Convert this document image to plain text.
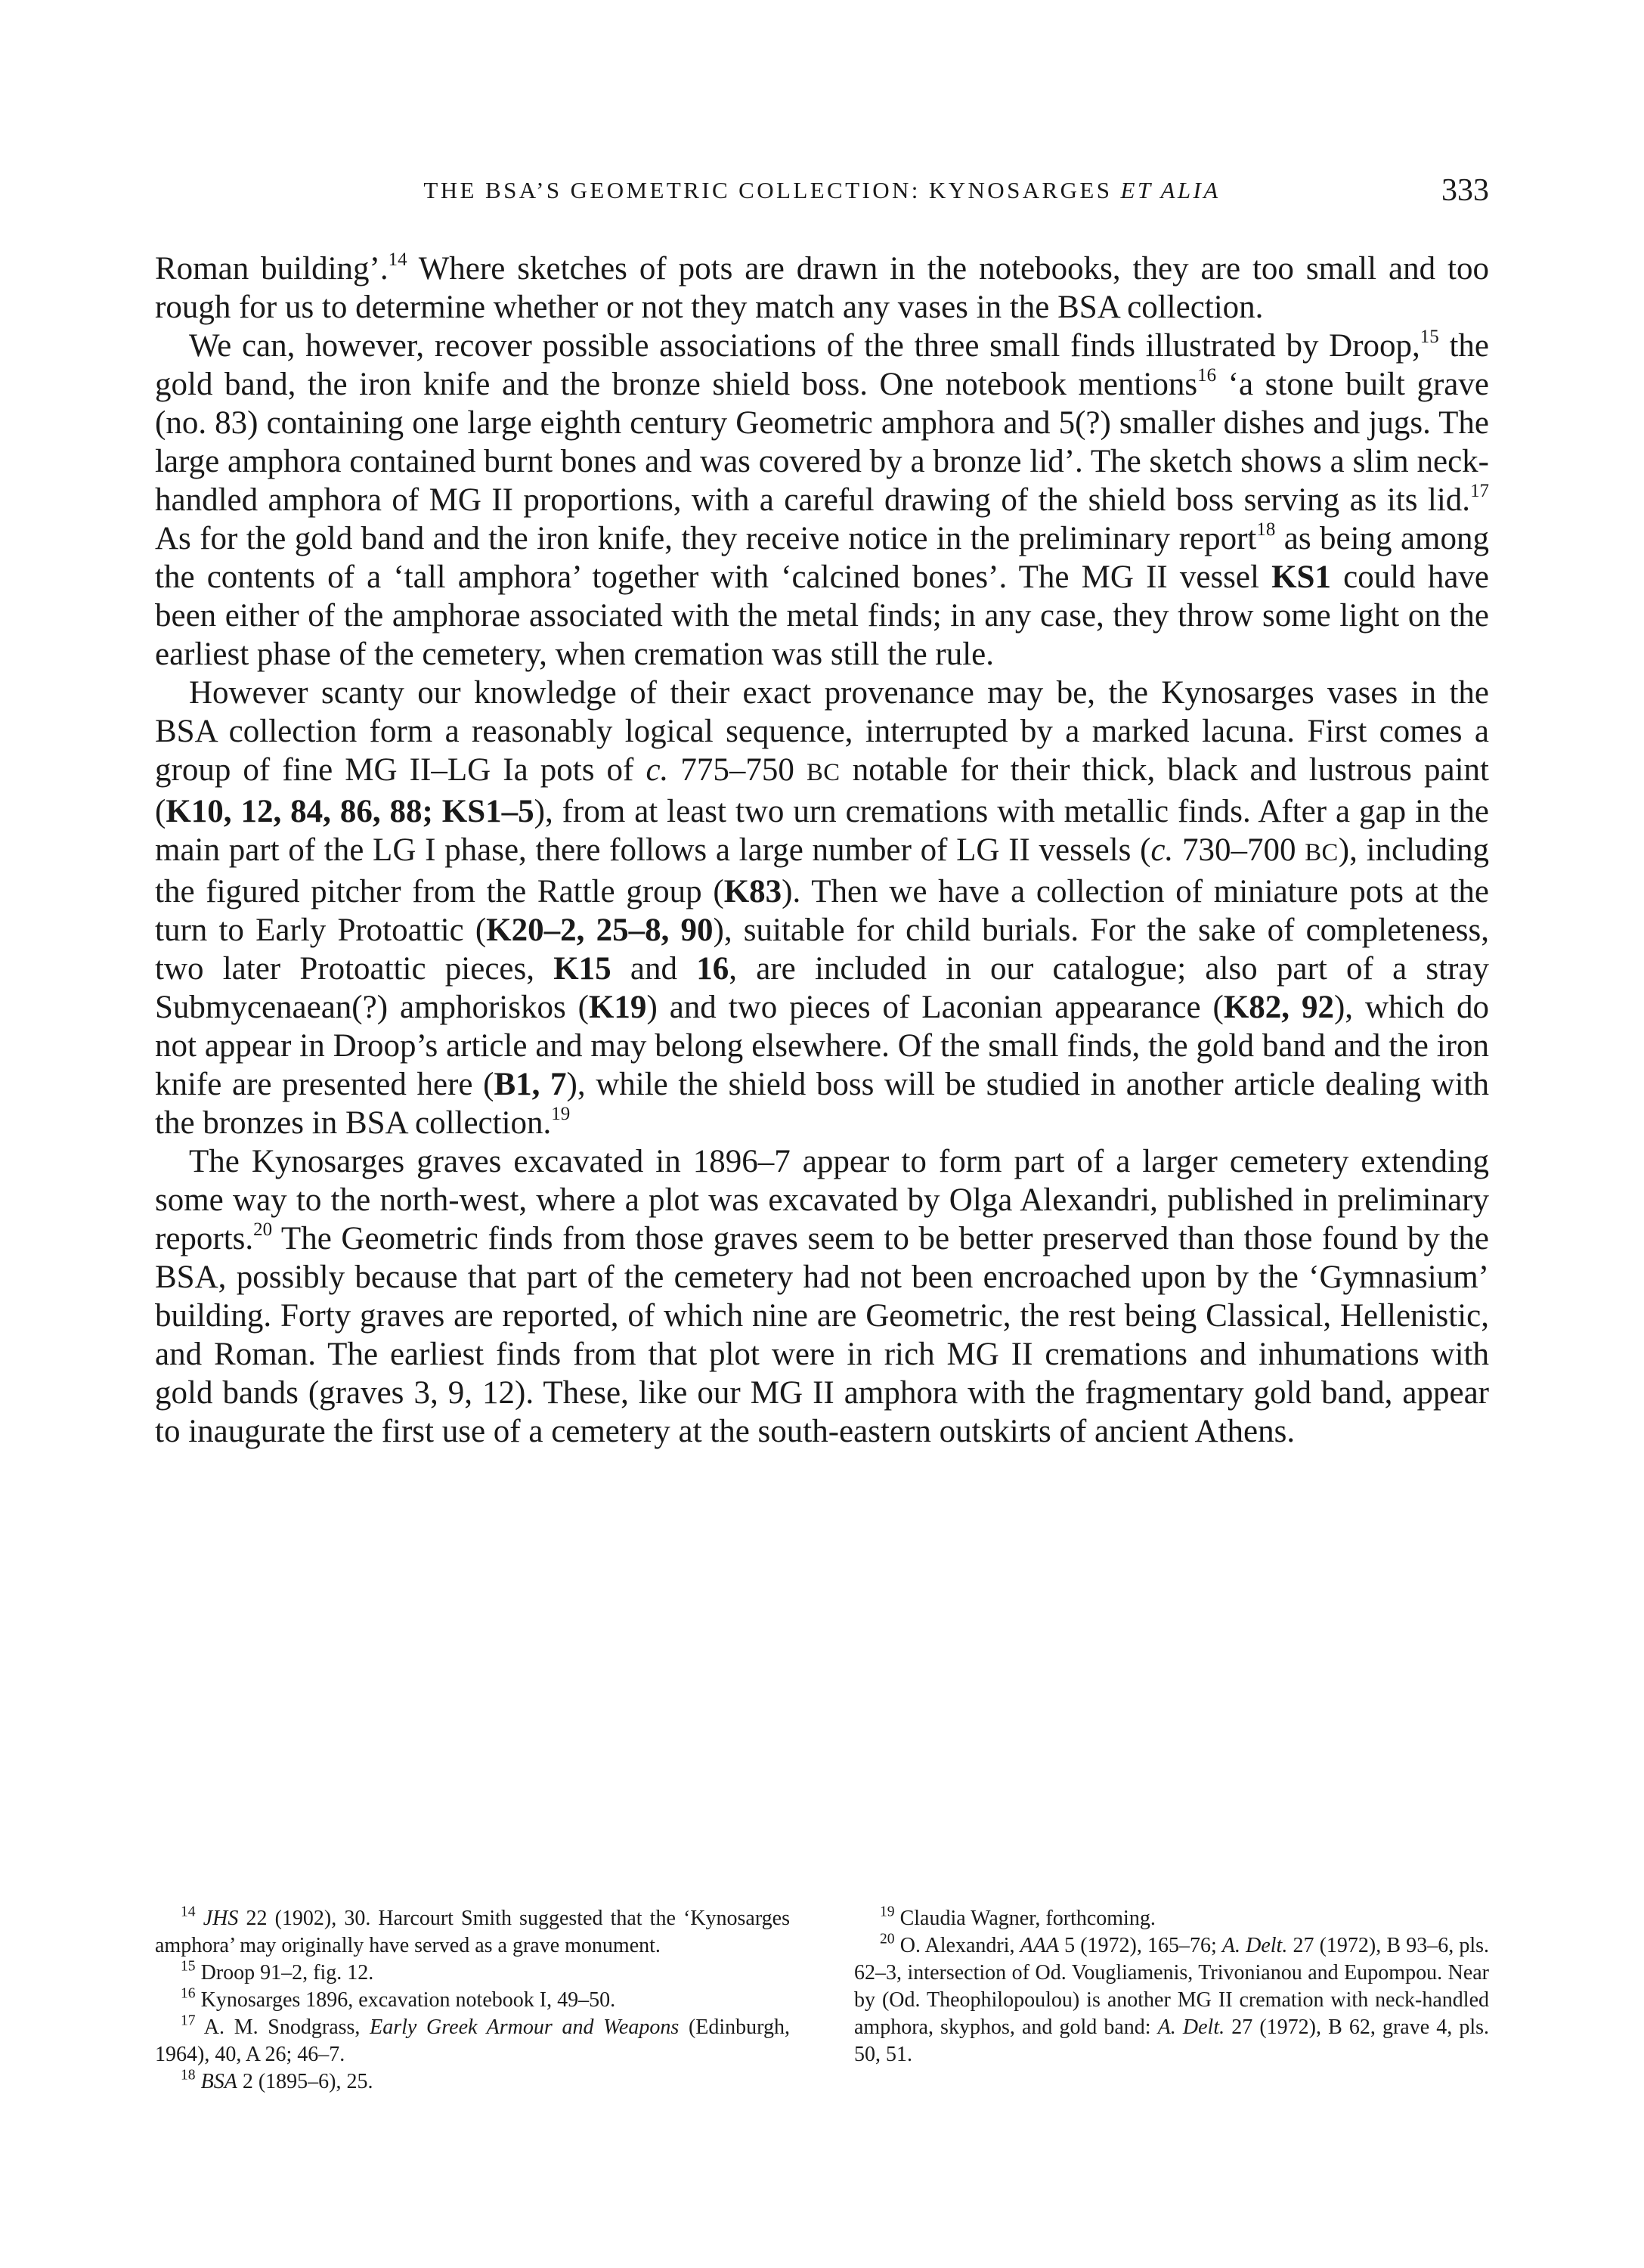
THE BSA’S GEOMETRIC COLLECTION: KYNOSARGES ET ALIA	333

Roman building’.$^{14}$ Where sketches of pots are drawn in the notebooks, they are too small and too rough for us to determine whether or not they match any vases in the BSA collection.

We can, however, recover possible associations of the three small finds illustrated by Droop,$^{15}$ the gold band, the iron knife and the bronze shield boss. One notebook mentions$^{16}$ ‘a stone built grave (no. 83) containing one large eighth century Geometric amphora and 5(?) smaller dishes and jugs. The large amphora contained burnt bones and was covered by a bronze lid’. The sketch shows a slim neck-handled amphora of MG II proportions, with a careful drawing of the shield boss serving as its lid.$^{17}$ As for the gold band and the iron knife, they receive notice in the preliminary report$^{18}$ as being among the contents of a ‘tall amphora’ together with ‘calcined bones’. The MG II vessel KS1 could have been either of the amphorae associated with the metal finds; in any case, they throw some light on the earliest phase of the cemetery, when cremation was still the rule.

However scanty our knowledge of their exact provenance may be, the Kynosarges vases in the BSA collection form a reasonably logical sequence, interrupted by a marked lacuna. First comes a group of fine MG II–LG Ia pots of c. 775–750 BC notable for their thick, black and lustrous paint (K10, 12, 84, 86, 88; KS1–5), from at least two urn cremations with metallic finds. After a gap in the main part of the LG I phase, there follows a large number of LG II vessels (c. 730–700 BC), including the figured pitcher from the Rattle group (K83). Then we have a collection of miniature pots at the turn to Early Protoattic (K20–2, 25–8, 90), suitable for child burials. For the sake of completeness, two later Protoattic pieces, K15 and 16, are included in our catalogue; also part of a stray Submycenaean(?) amphoriskos (K19) and two pieces of Laconian appearance (K82, 92), which do not appear in Droop’s article and may belong elsewhere. Of the small finds, the gold band and the iron knife are presented here (B1, 7), while the shield boss will be studied in another article dealing with the bronzes in BSA collection.$^{19}$

The Kynosarges graves excavated in 1896–7 appear to form part of a larger cemetery extending some way to the north-west, where a plot was excavated by Olga Alexandri, published in preliminary reports.$^{20}$ The Geometric finds from those graves seem to be better preserved than those found by the BSA, possibly because that part of the cemetery had not been encroached upon by the ‘Gymnasium’ building. Forty graves are reported, of which nine are Geometric, the rest being Classical, Hellenistic, and Roman. The earliest finds from that plot were in rich MG II cremations and inhumations with gold bands (graves 3, 9, 12). These, like our MG II amphora with the fragmentary gold band, appear to inaugurate the first use of a cemetery at the south-eastern outskirts of ancient Athens.

$^{14}$ JHS 22 (1902), 30. Harcourt Smith suggested that the ‘Kynosarges amphora’ may originally have served as a grave monument.

$^{15}$ Droop 91–2, fig. 12.

$^{16}$ Kynosarges 1896, excavation notebook I, 49–50.

$^{17}$ A. M. Snodgrass, Early Greek Armour and Weapons (Edinburgh, 1964), 40, A 26; 46–7.

$^{18}$ BSA 2 (1895–6), 25.

$^{19}$ Claudia Wagner, forthcoming.

$^{20}$ O. Alexandri, AAA 5 (1972), 165–76; A. Delt. 27 (1972), B 93–6, pls. 62–3, intersection of Od. Vougliamenis, Trivonianou and Eupompou. Near by (Od. Theophilopoulou) is another MG II cremation with neck-handled amphora, skyphos, and gold band: A. Delt. 27 (1972), B 62, grave 4, pls. 50, 51.
